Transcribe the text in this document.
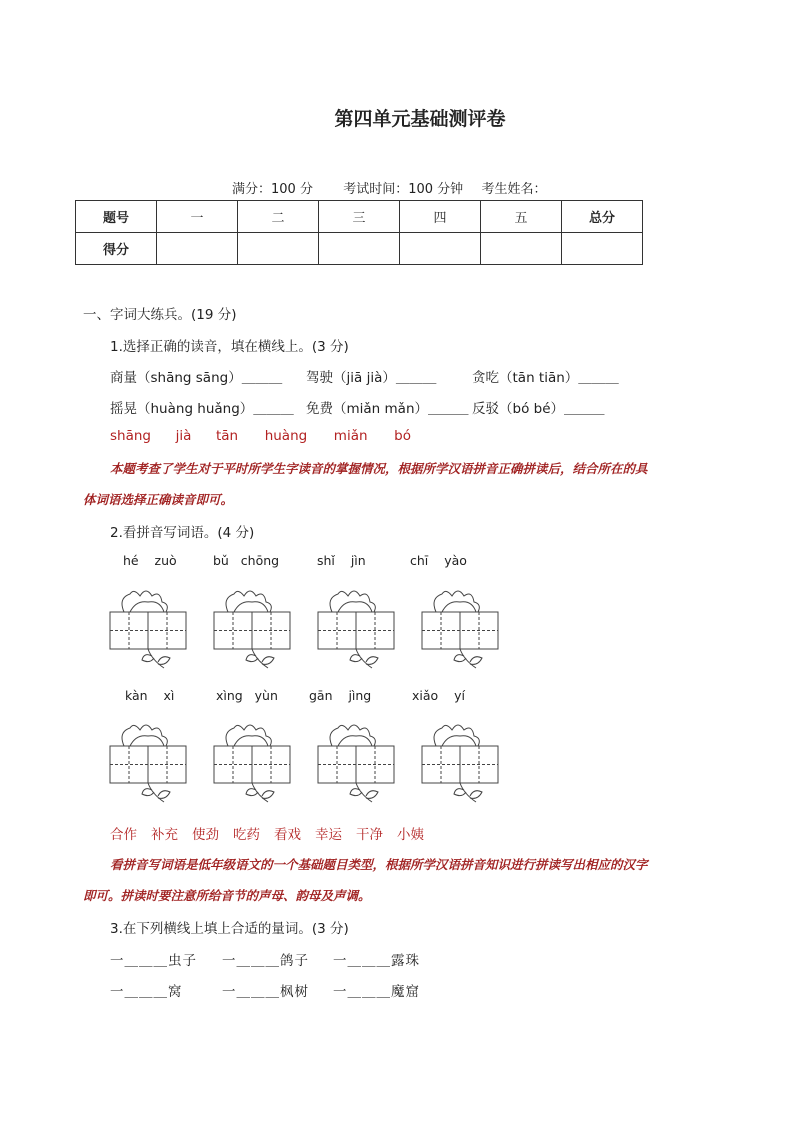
第四单元基础测评卷
满分：100 分 考试时间：100 分钟 考生姓名：
题号	一	二	三	四	五	总分
得分						
一、字词大练兵。(19 分)
1.选择正确的读音，填在横线上。(3 分)
商量（shāng sāng）＿＿＿ 驾驶（jiā jià）＿＿＿	贪吃（tān tiān）＿＿＿
摇晃（huàng huǎng）＿＿＿ 免费（miǎn mǎn）＿＿＿ 反驳（bó bé）＿＿＿
shāng jià tān huàng miǎn bó
本题考查了学生对于平时所学生字读音的掌握情况，根据所学汉语拼音正确拼读后，结合所在的具
体词语选择正确读音即可。
2.看拼音写词语。(4 分)
hé zuò	bǔ chōng	shǐ jìn	chī yào
kàn xì	xìng yùn gān jìng	xiǎo yí
合作 补充 使劲 吃药 看戏 幸运 干净 小姨
看拼音写词语是低年级语文的一个基础题目类型，根据所学汉语拼音知识进行拼读写出相应的汉字
即可。拼读时要注意所给音节的声母、韵母及声调。
3.在下列横线上填上合适的量词。(3 分)
一＿＿＿虫子 一＿＿＿鸽子 一＿＿＿露珠
一＿＿＿窝	一＿＿＿枫树 一＿＿＿魔窟
